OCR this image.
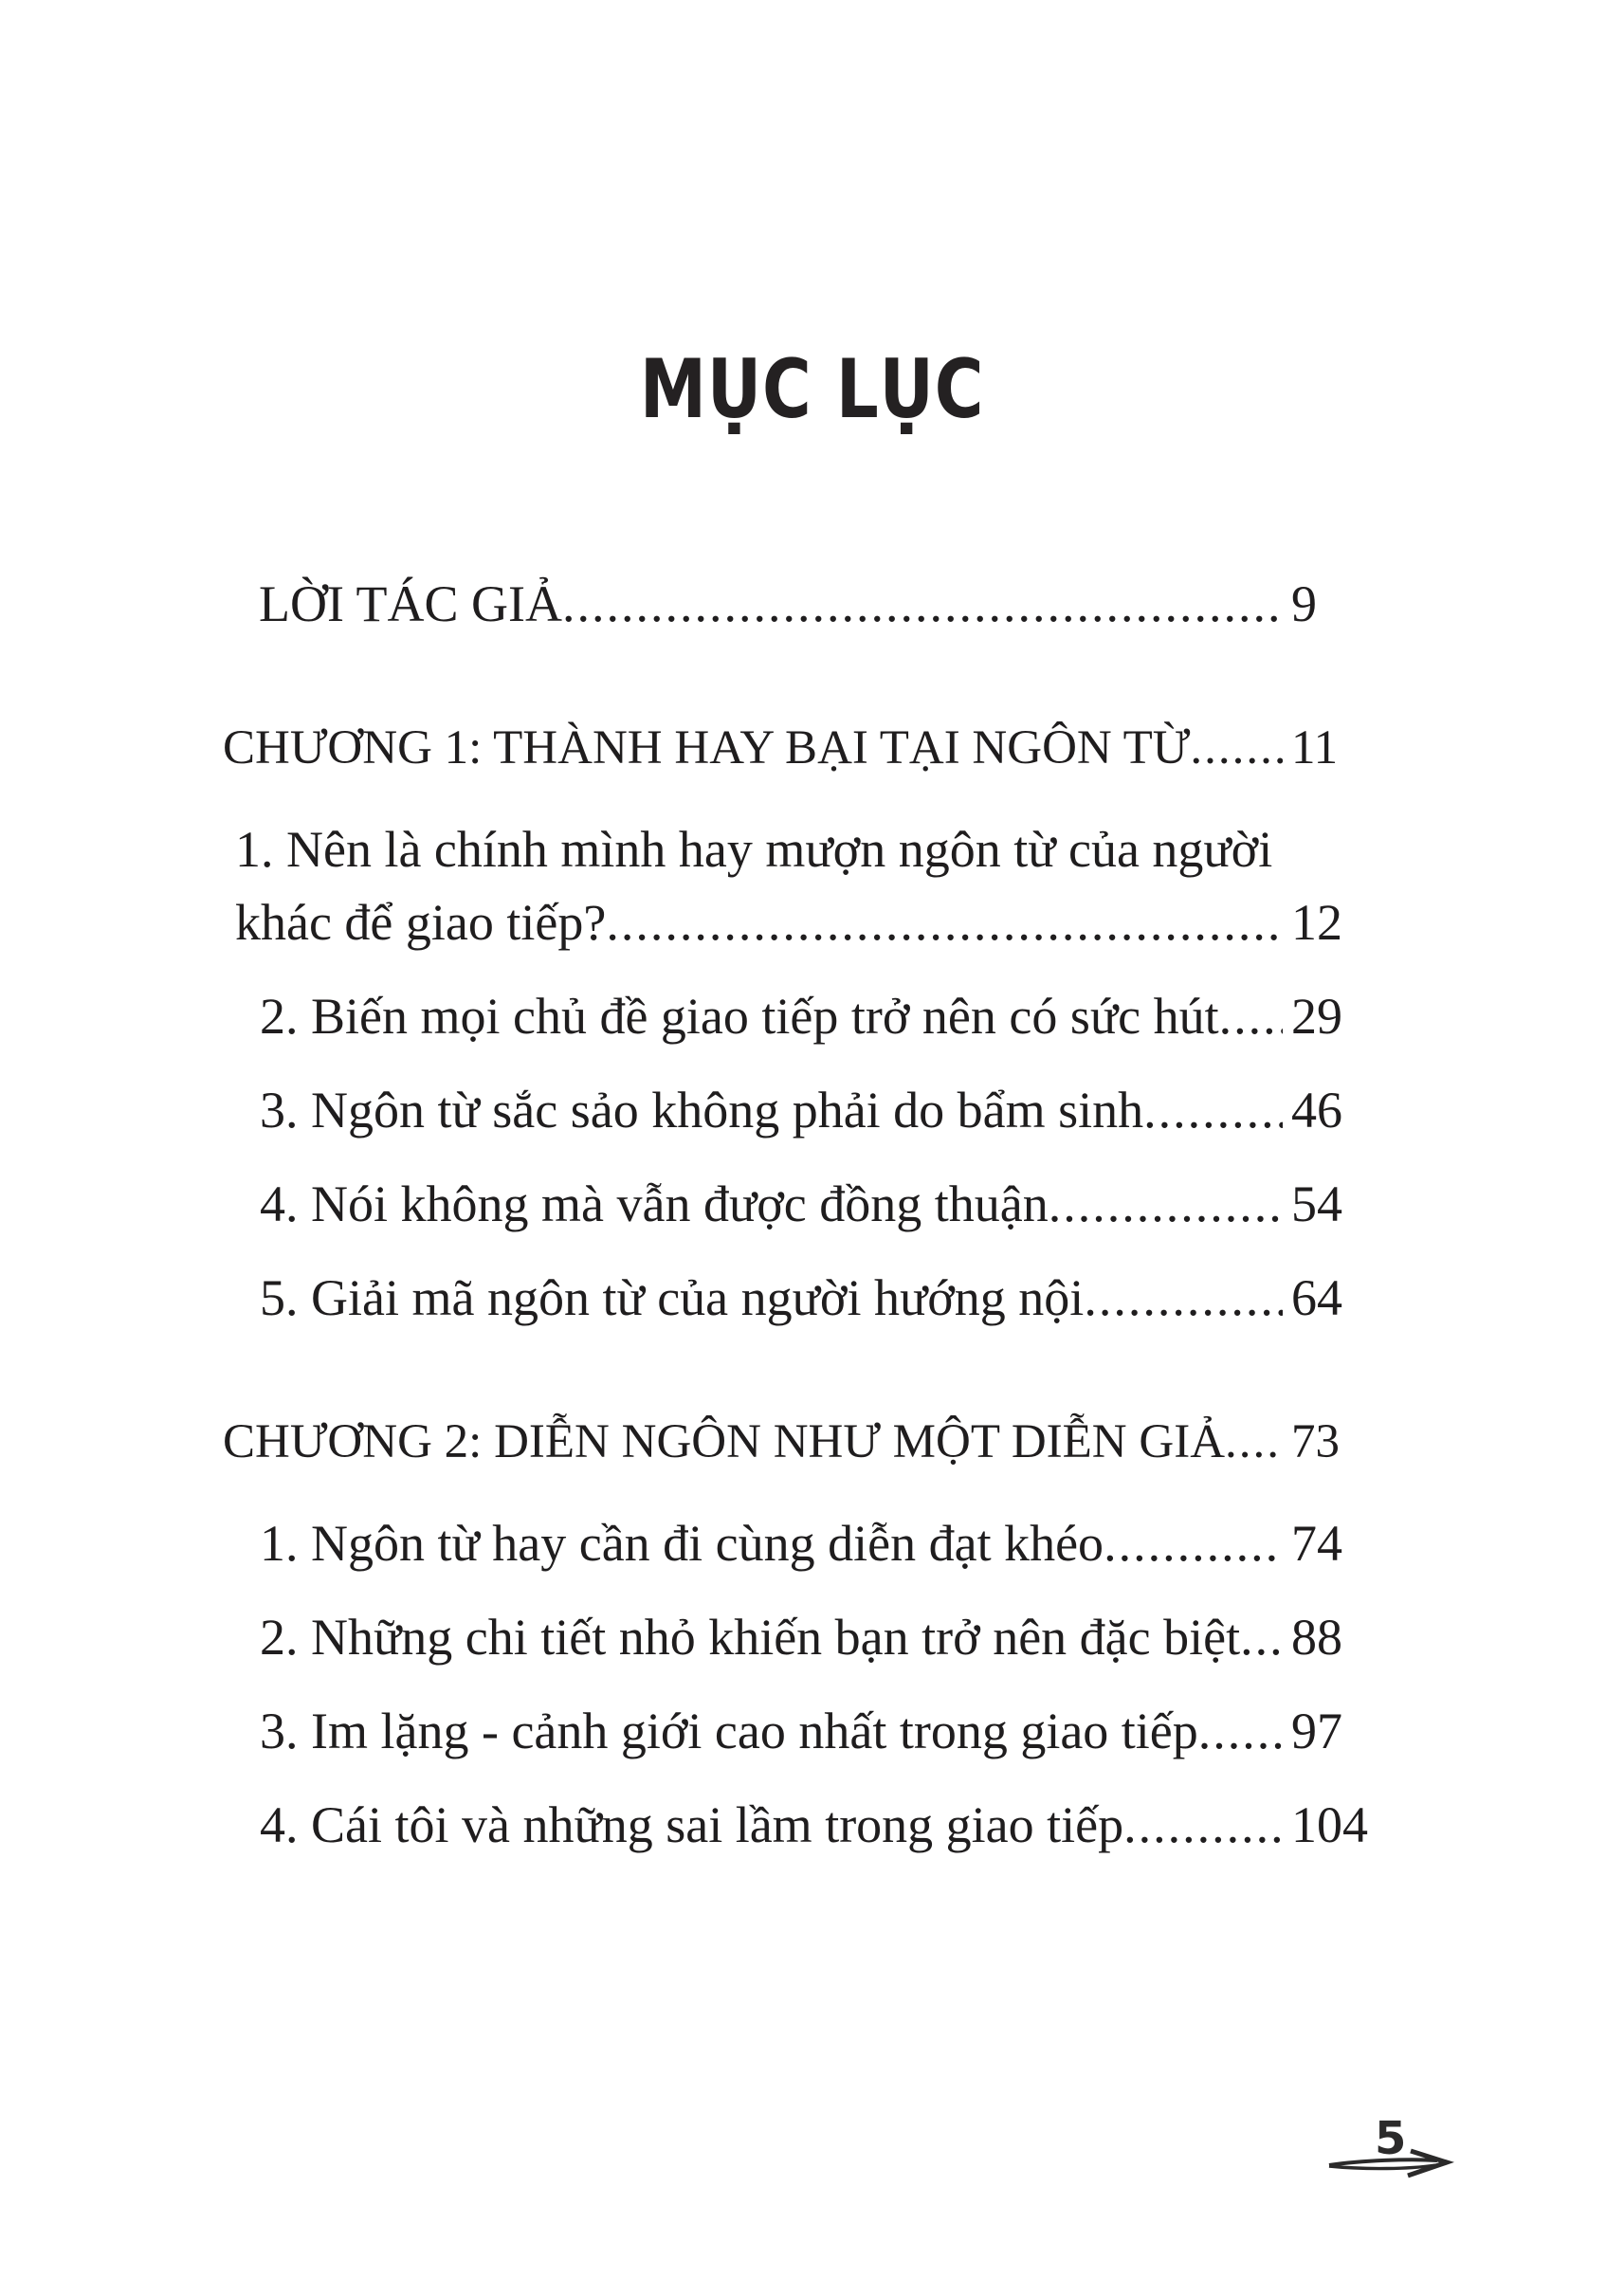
MỤC LỤC
LỜI TÁC GIẢ .....	9
CHƯƠNG 1: THÀNH HAY BẠI TẠI NGÔN TỪ ..... 11
1. Nên là chính mình hay mượn ngôn từ của người
khác để giao tiếp? .....	12
2. Biến mọi chủ đề giao tiếp trở nên có sức hút ..... 29
3. Ngôn từ sắc sảo không phải do bẩm sinh .....	46
4. Nói không mà vẫn được đồng thuận .....	54
5. Giải mã ngôn từ của người hướng nội .....	64
CHƯƠNG 2: DIỄN NGÔN NHƯ MỘT DIỄN GIẢ ..... 73
1. Ngôn từ hay cần đi cùng diễn đạt khéo .....	74
2. Những chi tiết nhỏ khiến bạn trở nên đặc biệt ..... 88
3. Im lặng - cảnh giới cao nhất trong giao tiếp ..... 97
4. Cái tôi và những sai lầm trong giao tiếp .....	104
5
